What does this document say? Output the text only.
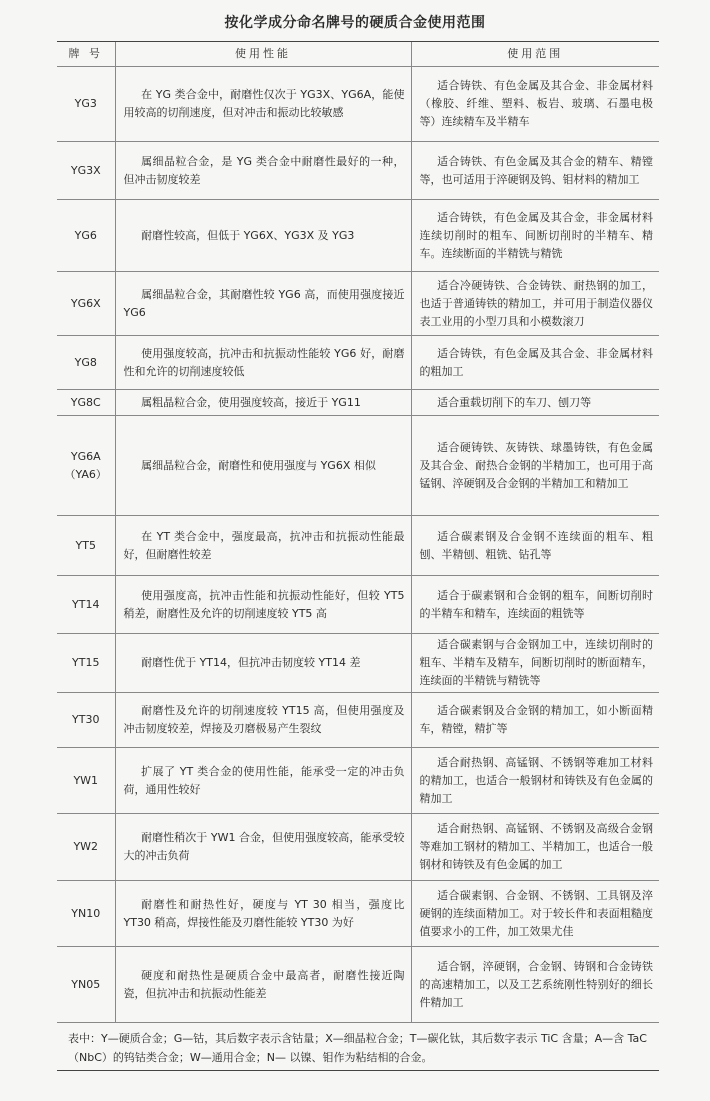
按化学成分命名牌号的硬质合金使用范围
牌 号	使用性能	使用范围

YG3	在 YG 类合金中，耐磨性仅次于 YG3X、YG6A，能使用较高的切削速度，但对冲击和振动比较敏感	适合铸铁、有色金属及其合金、非金属材料（橡胶、纤维、塑料、板岩、玻璃、石墨电极等）连续精车及半精车

YG3X	属细晶粒合金，是 YG 类合金中耐磨性最好的一种，但冲击韧度较差	适合铸铁、有色金属及其合金的精车、精镗等，也可适用于淬硬钢及钨、钼材料的精加工

YG6	耐磨性较高，但低于 YG6X、YG3X 及 YG3	适合铸铁，有色金属及其合金，非金属材料连续切削时的粗车、间断切削时的半精车、精车。连续断面的半精铣与精铣

YG6X	属细晶粒合金，其耐磨性较 YG6 高，而使用强度接近 YG6	适合冷硬铸铁、合金铸铁、耐热钢的加工，也适于普通铸铁的精加工，并可用于制造仪器仪表工业用的小型刀具和小模数滚刀

YG8	使用强度较高，抗冲击和抗振动性能较 YG6 好，耐磨性和允许的切削速度较低	适合铸铁，有色金属及其合金、非金属材料的粗加工

YG8C	属粗晶粒合金，使用强度较高，接近于 YG11	适合重载切削下的车刀、刨刀等

YG6A
（YA6）	属细晶粒合金，耐磨性和使用强度与 YG6X 相似	适合硬铸铁、灰铸铁、球墨铸铁，有色金属及其合金、耐热合金钢的半精加工，也可用于高锰钢、淬硬钢及合金钢的半精加工和精加工

YT5	在 YT 类合金中，强度最高，抗冲击和抗振动性能最好，但耐磨性较差	适合碳素钢及合金钢不连续面的粗车、粗刨、半精刨、粗铣、钻孔等

YT14	使用强度高，抗冲击性能和抗振动性能好，但较 YT5 稍差，耐磨性及允许的切削速度较 YT5 高	适合于碳素钢和合金钢的粗车，间断切削时的半精车和精车，连续面的粗铣等

YT15	耐磨性优于 YT14，但抗冲击韧度较 YT14 差	适合碳素钢与合金钢加工中，连续切削时的粗车、半精车及精车，间断切削时的断面精车，连续面的半精铣与精铣等

YT30	耐磨性及允许的切削速度较 YT15 高，但使用强度及冲击韧度较差，焊接及刃磨极易产生裂纹	适合碳素钢及合金钢的精加工，如小断面精车，精镗，精扩等

YW1	扩展了 YT 类合金的使用性能，能承受一定的冲击负荷，通用性较好	适合耐热钢、高锰钢、不锈钢等难加工材料的精加工，也适合一般钢材和铸铁及有色金属的精加工

YW2	耐磨性稍次于 YW1 合金，但使用强度较高，能承受较大的冲击负荷	适合耐热钢、高锰钢、不锈钢及高级合金钢等难加工钢材的精加工、半精加工，也适合一般钢材和铸铁及有色金属的加工

YN10	耐磨性和耐热性好，硬度与 YT 30 相当，强度比 YT30 稍高，焊接性能及刃磨性能较 YT30 为好	适合碳素钢、合金钢、不锈钢、工具钢及淬硬钢的连续面精加工。对于较长件和表面粗糙度值要求小的工件，加工效果尤佳

YN05	硬度和耐热性是硬质合金中最高者，耐磨性接近陶瓷，但抗冲击和抗振动性能差	适合钢，淬硬钢，合金钢、铸钢和合金铸铁的高速精加工，以及工艺系统刚性特别好的细长件精加工
表中：Y—硬质合金；G—钴，其后数字表示含钴量；X—细晶粒合金；T—碳化钛，其后数字表示 TiC 含量；A—含 TaC（NbC）的钨钴类合金；W—通用合金；N— 以镍、钼作为粘结相的合金。
